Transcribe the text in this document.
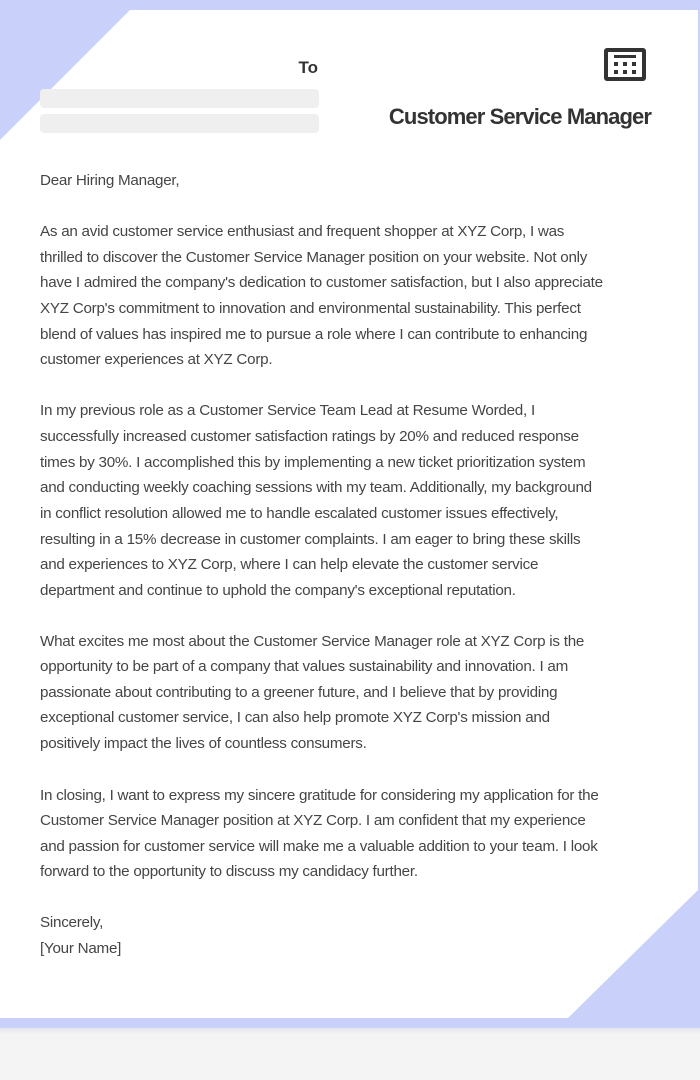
To
Customer Service Manager
Dear Hiring Manager,
As an avid customer service enthusiast and frequent shopper at XYZ Corp, I was
thrilled to discover the Customer Service Manager position on your website. Not only
have I admired the company's dedication to customer satisfaction, but I also appreciate
XYZ Corp's commitment to innovation and environmental sustainability. This perfect
blend of values has inspired me to pursue a role where I can contribute to enhancing
customer experiences at XYZ Corp.
In my previous role as a Customer Service Team Lead at Resume Worded, I
successfully increased customer satisfaction ratings by 20% and reduced response
times by 30%. I accomplished this by implementing a new ticket prioritization system
and conducting weekly coaching sessions with my team. Additionally, my background
in conflict resolution allowed me to handle escalated customer issues effectively,
resulting in a 15% decrease in customer complaints. I am eager to bring these skills
and experiences to XYZ Corp, where I can help elevate the customer service
department and continue to uphold the company's exceptional reputation.
What excites me most about the Customer Service Manager role at XYZ Corp is the
opportunity to be part of a company that values sustainability and innovation. I am
passionate about contributing to a greener future, and I believe that by providing
exceptional customer service, I can also help promote XYZ Corp's mission and
positively impact the lives of countless consumers.
In closing, I want to express my sincere gratitude for considering my application for the
Customer Service Manager position at XYZ Corp. I am confident that my experience
and passion for customer service will make me a valuable addition to your team. I look
forward to the opportunity to discuss my candidacy further.
Sincerely,
[Your Name]
